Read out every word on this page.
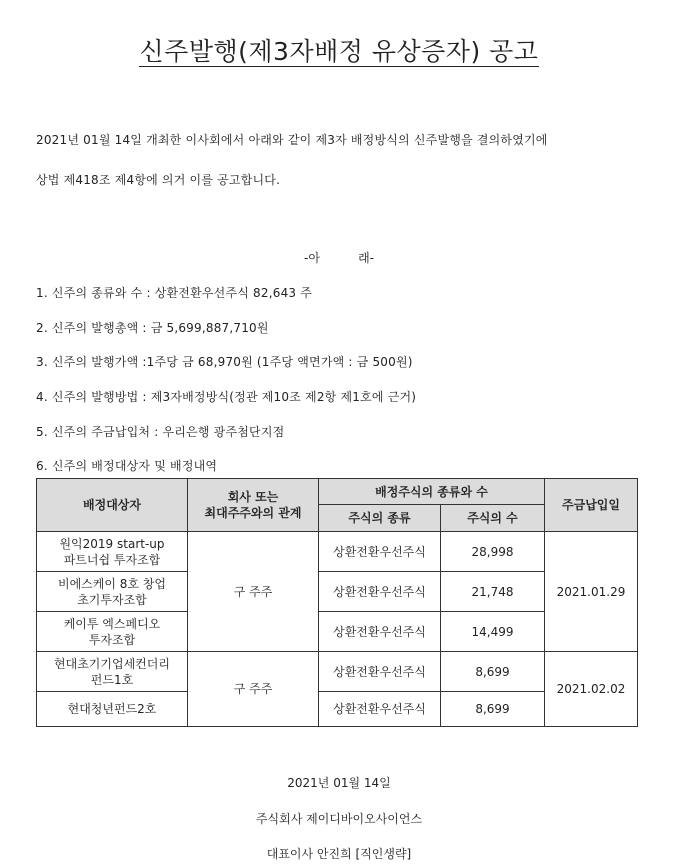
신주발행(제3자배정 유상증자) 공고
2021년 01월 14일 개최한 이사회에서 아래와 같이 제3자 배정방식의 신주발행을 결의하였기에
상법 제418조 제4항에 의거 이를 공고합니다.
-아          래-
1. 신주의 종류와 수 : 상환전환우선주식 82,643 주
2. 신주의 발행총액 : 금 5,699,887,710원
3. 신주의 발행가액 :1주당 금 68,970원 (1주당 액면가액 : 금 500원)
4. 신주의 발행방법 : 제3자배정방식(정관 제10조 제2항 제1호에 근거)
5. 신주의 주금납입처 : 우리은행 광주첨단지점
6. 신주의 배정대상자 및 배정내역
배정대상자	회사 또는
최대주주와의 관계	배정주식의 종류와 수		주금납입일
		주식의 종류	주식의 수	

원익2019 start-up
파트너쉽 투자조합	구 주주	상환전환우선주식	28,998	2021.01.29

비에스케이 8호 창업
초기투자조합		상환전환우선주식	21,748	

케이투 엑스페디오
투자조합		상환전환우선주식	14,499	

현대초기기업세컨더리
펀드1호	구 주주	상환전환우선주식	8,699	2021.02.02
현대청년펀드2호		상환전환우선주식	8,699	
2021년 01월 14일
주식회사 제이디바이오사이언스
대표이사 안진희 [직인생략]
